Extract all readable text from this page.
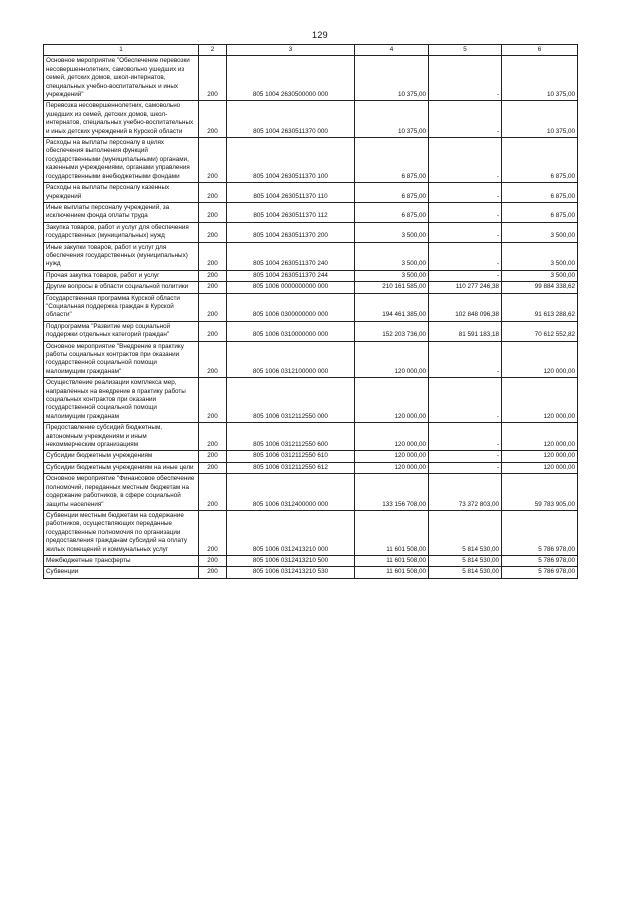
129
1	2	3	4	5	6
Основное мероприятие "Обеспечение перевозки несовершеннолетних, самовольно ушедших из семей, детских домов, школ-интернатов, специальных учебно-воспитательных и иных учреждений"	200	805 1004 2630500000 000	10 375,00	-	10 375,00
Перевозка несовершеннолетних, самовольно ушедших из семей, детских домов, школ-интернатов, специальных учебно-воспитательных и иных детских учреждений в Курской области	200	805 1004 2630511370 000	10 375,00	-	10 375,00
Расходы на выплаты персоналу в целях обеспечения выполнения функций государственными (муниципальными) органами, казенными учреждениями, органами управления государственными внебюджетными фондами	200	805 1004 2630511370 100	6 875,00	-	6 875,00
Расходы на выплаты персоналу казенных учреждений	200	805 1004 2630511370 110	6 875,00	-	6 875,00
Иные выплаты персоналу учреждений, за исключением фонда оплаты труда	200	805 1004 2630511370 112	6 875,00	-	6 875,00
Закупка товаров, работ и услуг для обеспечения государственных (муниципальных) нужд	200	805 1004 2630511370 200	3 500,00	-	3 500,00
Иные закупки товаров, работ и услуг для обеспечения государственных (муниципальных) нужд	200	805 1004 2630511370 240	3 500,00	-	3 500,00
Прочая закупка товаров, работ и услуг	200	805 1004 2630511370 244	3 500,00	-	3 500,00
Другие вопросы в области социальной политики	200	805 1006 0000000000 000	210 161 585,00	110 277 246,38	99 884 338,62
Государственная программа Курской области "Социальная поддержка граждан в Курской области"	200	805 1006 0300000000 000	194 461 385,00	102 848 096,38	91 613 288,62
Подпрограмма "Развитие мер социальной поддержки отдельных категорий граждан"	200	805 1006 0310000000 000	152 203 736,00	81 591 183,18	70 612 552,82
Основное мероприятие "Внедрение в практику работы социальных контрактов при оказании государственной социальной помощи малоимущим гражданам"	200	805 1006 0312100000 000	120 000,00	-	120 000,00
Осуществление реализации комплекса мер, направленных на внедрение в практику работы социальных контрактов при оказании государственной социальной помощи малоимущим гражданам	200	805 1006 0312112550 000	120 000,00	-	120 000,00
Предоставление субсидий бюджетным, автономным учреждениям и иным некоммерческим организациям	200	805 1006 0312112550 600	120 000,00	-	120 000,00
Субсидии бюджетным учреждениям	200	805 1006 0312112550 610	120 000,00	-	120 000,00
Субсидии бюджетным учреждениям на иные цели	200	805 1006 0312112550 612	120 000,00	-	120 000,00
Основное мероприятие "Финансовое обеспечение полномочий, переданных местным бюджетам на содержание работников, в сфере социальной защиты населения"	200	805 1006 0312400000 000	133 156 708,00	73 372 803,00	59 783 905,00
Субвенции местным бюджетам на содержание работников, осуществляющих переданные государственные полномочия по организации предоставления гражданам субсидий на оплату жилых помещений и коммунальных услуг	200	805 1006 0312413210 000	11 601 508,00	5 814 530,00	5 786 978,00
Межбюджетные трансферты	200	805 1006 0312413210 500	11 601 508,00	5 814 530,00	5 786 978,00
Субвенции	200	805 1006 0312413210 530	11 601 508,00	5 814 530,00	5 786 978,00
